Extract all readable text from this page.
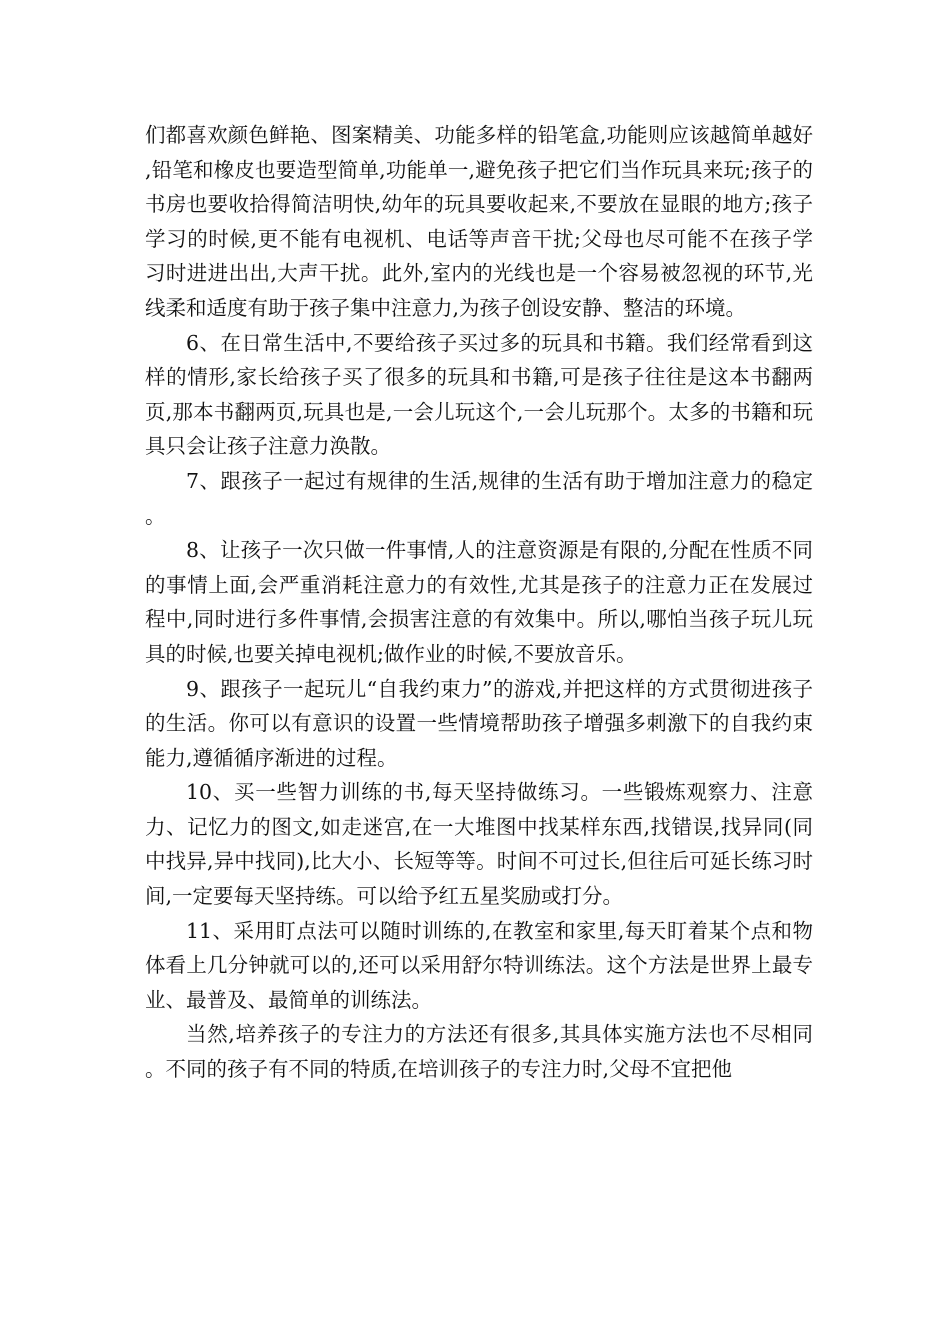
们都喜欢颜色鲜艳、图案精美、功能多样的铅笔盒,功能则应该越简单越好,铅笔和橡皮也要造型简单,功能单一,避免孩子把它们当作玩具来玩;孩子的书房也要收拾得简洁明快,幼年的玩具要收起来,不要放在显眼的地方;孩子学习的时候,更不能有电视机、电话等声音干扰;父母也尽可能不在孩子学习时进进出出,大声干扰。此外,室内的光线也是一个容易被忽视的环节,光线柔和适度有助于孩子集中注意力,为孩子创设安静、整洁的环境。

6、在日常生活中,不要给孩子买过多的玩具和书籍。我们经常看到这样的情形,家长给孩子买了很多的玩具和书籍,可是孩子往往是这本书翻两页,那本书翻两页,玩具也是,一会儿玩这个,一会儿玩那个。太多的书籍和玩具只会让孩子注意力涣散。

7、跟孩子一起过有规律的生活,规律的生活有助于增加注意力的稳定。

8、让孩子一次只做一件事情,人的注意资源是有限的,分配在性质不同的事情上面,会严重消耗注意力的有效性,尤其是孩子的注意力正在发展过程中,同时进行多件事情,会损害注意的有效集中。所以,哪怕当孩子玩儿玩具的时候,也要关掉电视机;做作业的时候,不要放音乐。

9、跟孩子一起玩儿“自我约束力”的游戏,并把这样的方式贯彻进孩子的生活。你可以有意识的设置一些情境帮助孩子增强多刺激下的自我约束能力,遵循循序渐进的过程。

10、买一些智力训练的书,每天坚持做练习。一些锻炼观察力、注意力、记忆力的图文,如走迷宫,在一大堆图中找某样东西,找错误,找异同(同中找异,异中找同),比大小、长短等等。时间不可过长,但往后可延长练习时间,一定要每天坚持练。可以给予红五星奖励或打分。

11、采用盯点法可以随时训练的,在教室和家里,每天盯着某个点和物体看上几分钟就可以的,还可以采用舒尔特训练法。这个方法是世界上最专业、最普及、最简单的训练法。

当然,培养孩子的专注力的方法还有很多,其具体实施方法也不尽相同。不同的孩子有不同的特质,在培训孩子的专注力时,父母不宜把他
